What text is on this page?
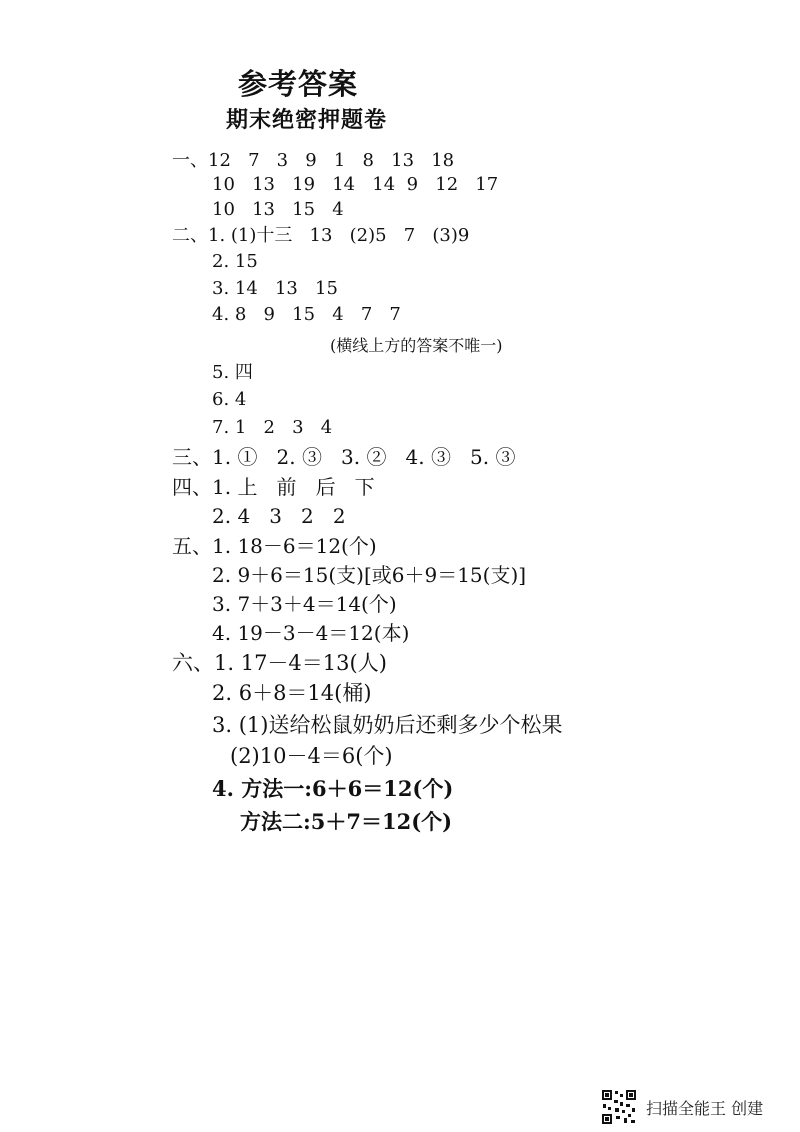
参考答案
期末绝密押题卷
一、12   7   3   9   1   8   13   18
10   13   19   14   14  9   12   17
10   13   15   4
二、1. (1)十三   13   (2)5   7   (3)9
2. 15
3. 14   13   15
4. 8   9   15   4   7   7
(横线上方的答案不唯一)
5. 四
6. 4
7. 1   2   3   4
三、1. ①   2. ③   3. ②   4. ③   5. ③
四、1. 上   前   后   下
2. 4   3   2   2
五、1. 18－6＝12(个)
2. 9＋6＝15(支)[或6＋9＝15(支)]
3. 7＋3＋4＝14(个)
4. 19－3－4＝12(本)
六、1. 17－4＝13(人)
2. 6＋8＝14(桶)
3. (1)送给松鼠奶奶后还剩多少个松果
(2)10－4＝6(个)
4. 方法一:6＋6＝12(个)
方法二:5＋7＝12(个)
扫描全能王 创建
